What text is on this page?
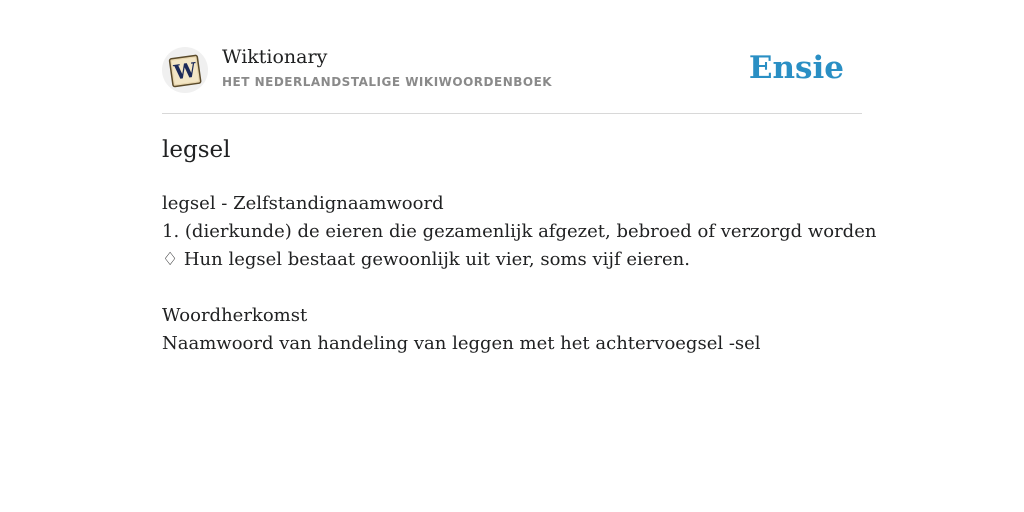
W
Wiktionary
HET NEDERLANDSTALIGE WIKIWOORDENBOEK	Ensie
legsel
legsel - Zelfstandignaamwoord
1. (dierkunde) de eieren die gezamenlijk afgezet, bebroed of verzorgd worden
♢ Hun legsel bestaat gewoonlijk uit vier, soms vijf eieren.
Woordherkomst
Naamwoord van handeling van leggen met het achtervoegsel -sel
